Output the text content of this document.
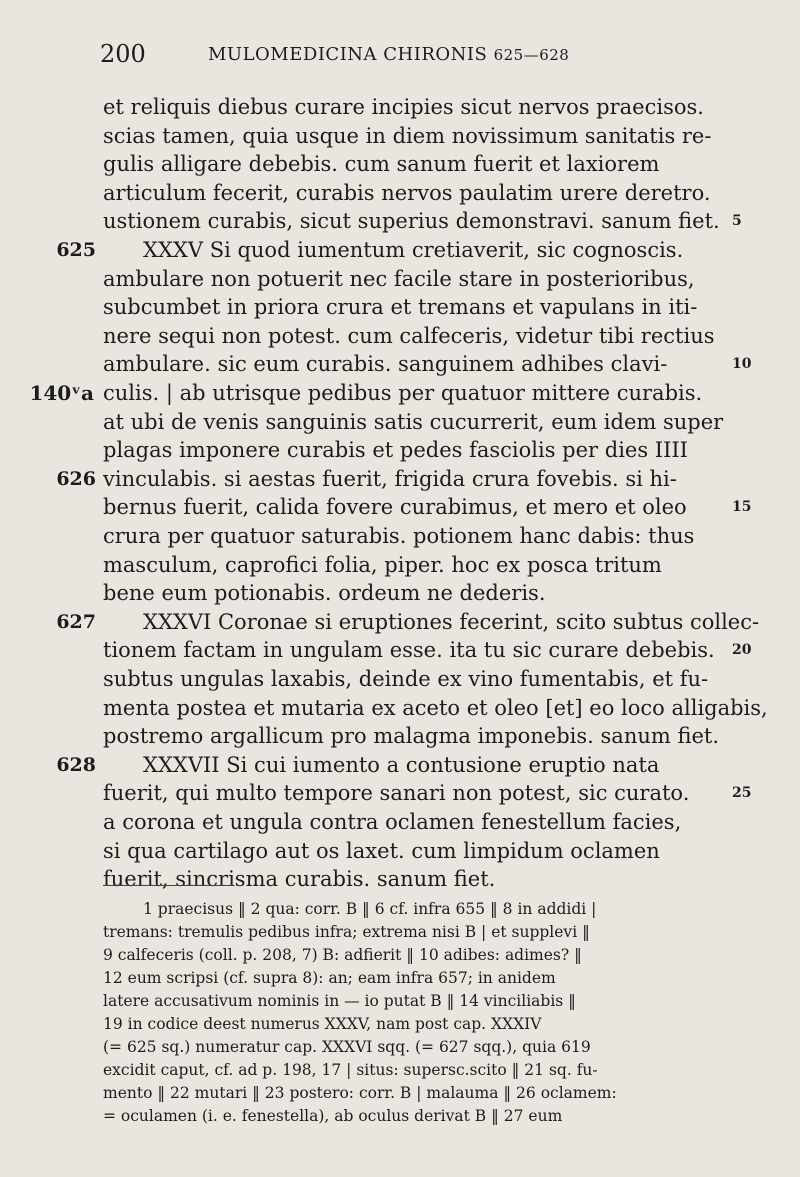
200	MULOMEDICINA CHIRONIS 625—628
et reliquis diebus curare incipies sicut nervos praecisos.
scias tamen, quia usque in diem novissimum sanitatis re-
gulis alligare debebis. cum sanum fuerit et laxiorem
articulum fecerit, curabis nervos paulatim urere deretro.
ustionem curabis, sicut superius demonstravi. sanum fiet. 5
XXXV Si quod iumentum cretiaverit, sic cognoscis.
625
ambulare non potuerit nec facile stare in posterioribus,
subcumbet in priora crura et tremans et vapulans in iti-
nere sequi non potest. cum calfeceris, videtur tibi rectius
ambulare. sic eum curabis. sanguinem adhibes clavi-	10
culis. | ab utrisque pedibus per quatuor mittere curabis.
140ᵛa
at ubi de venis sanguinis satis cucurrerit, eum idem super
plagas imponere curabis et pedes fasciolis per dies IIII
vinculabis. si aestas fuerit, frigida crura fovebis. si hi-
626
bernus fuerit, calida fovere curabimus, et mero et oleo	15
crura per quatuor saturabis. potionem hanc dabis: thus
masculum, caprofici folia, piper. hoc ex posca tritum
bene eum potionabis. ordeum ne dederis.
XXXVI Coronae si eruptiones fecerint, scito subtus collec-
627
tionem factam in ungulam esse. ita tu sic curare debebis.	20
subtus ungulas laxabis, deinde ex vino fumentabis, et fu-
menta postea et mutaria ex aceto et oleo [et] eo loco alligabis,
postremo argallicum pro malagma imponebis. sanum fiet.
XXXVII Si cui iumento a contusione eruptio nata
628
fuerit, qui multo tempore sanari non potest, sic curato.	25
a corona et ungula contra oclamen fenestellum facies,
si qua cartilago aut os laxet. cum limpidum oclamen
fuerit, sincrisma curabis. sanum fiet.
1 praecisus ‖ 2 qua: corr. B ‖ 6 cf. infra 655 ‖ 8 in addidi |
tremans: tremulis pedibus infra; extrema nisi B | et supplevi ‖
9 calfeceris (coll. p. 208, 7) B: adfierit ‖ 10 adibes: adimes? ‖
12 eum scripsi (cf. supra 8): an; eam infra 657; in anidem
latere accusativum nominis in — io putat B ‖ 14 vinciliabis ‖
19 in codice deest numerus XXXV, nam post cap. XXXIV
(= 625 sq.) numeratur cap. XXXVI sqq. (= 627 sqq.), quia 619
excidit caput, cf. ad p. 198, 17 | situs: supersc.scito ‖ 21 sq. fu-
mento ‖ 22 mutari ‖ 23 postero: corr. B | malauma ‖ 26 oclamem:
= oculamen (i. e. fenestella), ab oculus derivat B ‖ 27 eum
